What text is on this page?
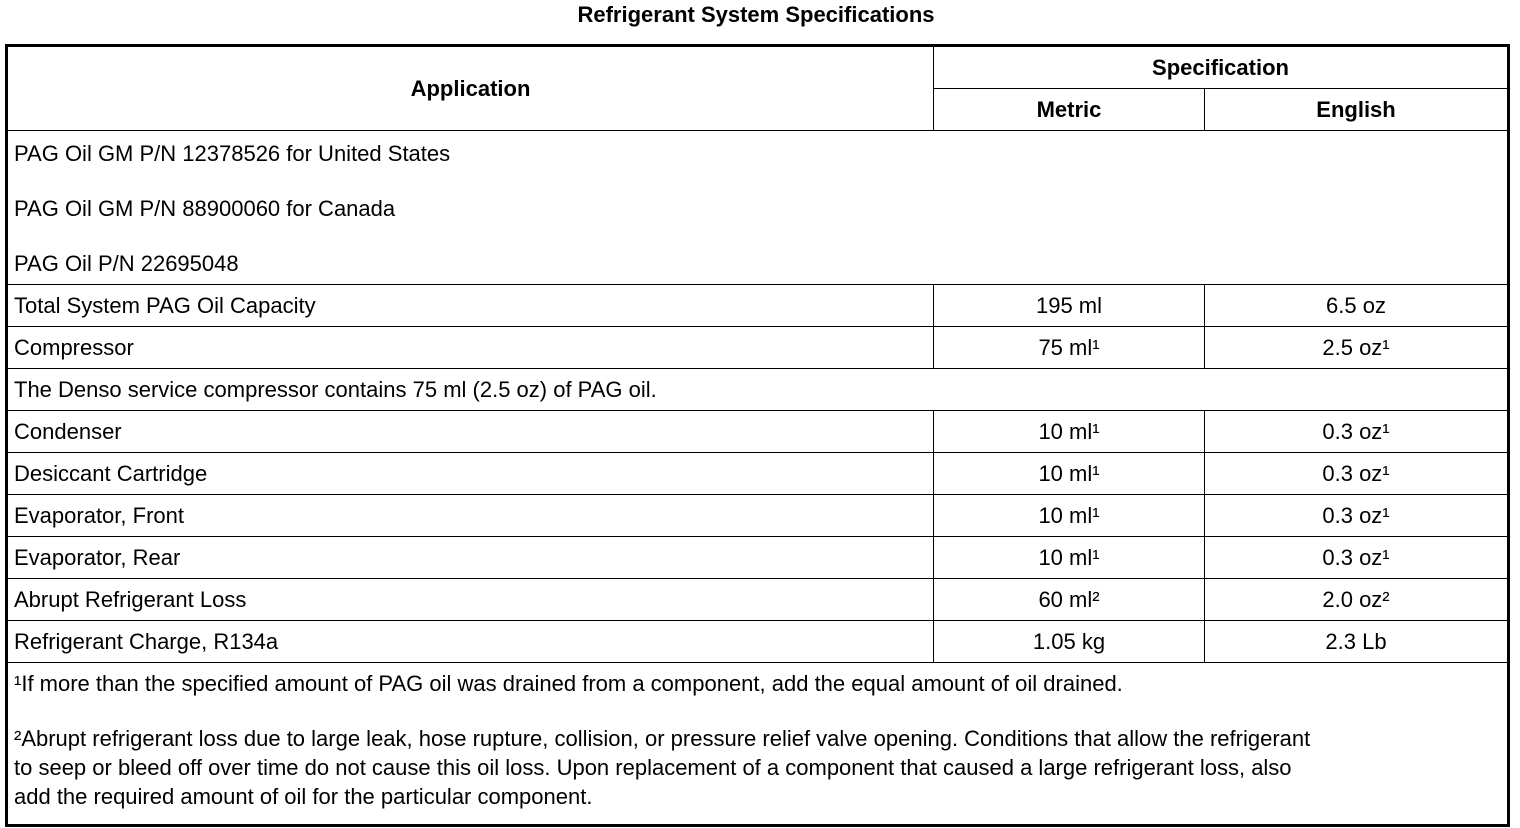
Refrigerant System Specifications
Application	Specification	
	Metric	English

PAG Oil GM P/N 12378526 for United States
PAG Oil GM P/N 88900060 for Canada
PAG Oil P/N 22695048		

Total System PAG Oil Capacity	195 ml	6.5 oz
Compressor	75 ml¹	2.5 oz¹
The Denso service compressor contains 75 ml (2.5 oz) of PAG oil.		
Condenser	10 ml¹	0.3 oz¹
Desiccant Cartridge	10 ml¹	0.3 oz¹
Evaporator, Front	10 ml¹	0.3 oz¹
Evaporator, Rear	10 ml¹	0.3 oz¹
Abrupt Refrigerant Loss	60 ml²	2.0 oz²
Refrigerant Charge, R134a	1.05 kg	2.3 Lb

¹If more than the specified amount of PAG oil was drained from a component, add the equal amount of oil drained.
²Abrupt refrigerant loss due to large leak, hose rupture, collision, or pressure relief valve opening. Conditions that allow the refrigerant
to seep or bleed off over time do not cause this oil loss. Upon replacement of a component that caused a large refrigerant loss, also
add the required amount of oil for the particular component.		
